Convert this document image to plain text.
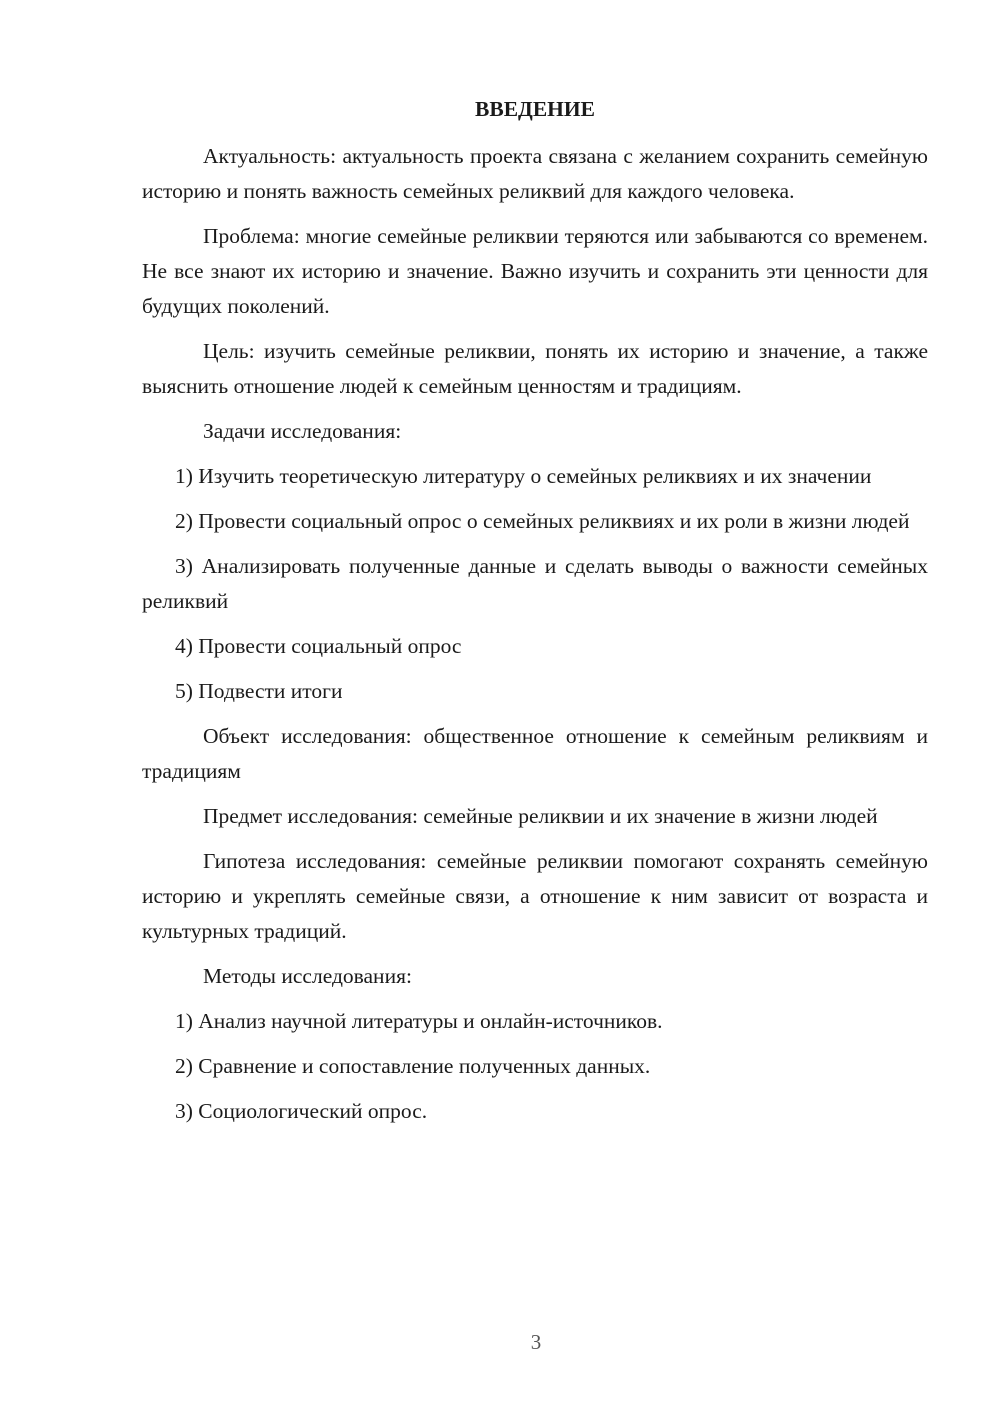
ВВЕДЕНИЕ

Актуальность: актуальность проекта связана с желанием сохранить семейную историю и понять важность семейных реликвий для каждого человека.

Проблема: многие семейные реликвии теряются или забываются со временем. Не все знают их историю и значение. Важно изучить и сохранить эти ценности для будущих поколений.

Цель: изучить семейные реликвии, понять их историю и значение, а также выяснить отношение людей к семейным ценностям и традициям.

Задачи исследования:

1) Изучить теоретическую литературу о семейных реликвиях и их значении

2) Провести социальный опрос о семейных реликвиях и их роли в жизни людей

3) Анализировать полученные данные и сделать выводы о важности семейных реликвий

4) Провести социальный опрос

5) Подвести итоги

Объект исследования: общественное отношение к семейным реликвиям и традициям

Предмет исследования: семейные реликвии и их значение в жизни людей

Гипотеза исследования: семейные реликвии помогают сохранять семейную историю и укреплять семейные связи, а отношение к ним зависит от возраста и культурных традиций.

Методы исследования:

1) Анализ научной литературы и онлайн-источников.

2) Сравнение и сопоставление полученных данных.

3) Социологический опрос.

3
